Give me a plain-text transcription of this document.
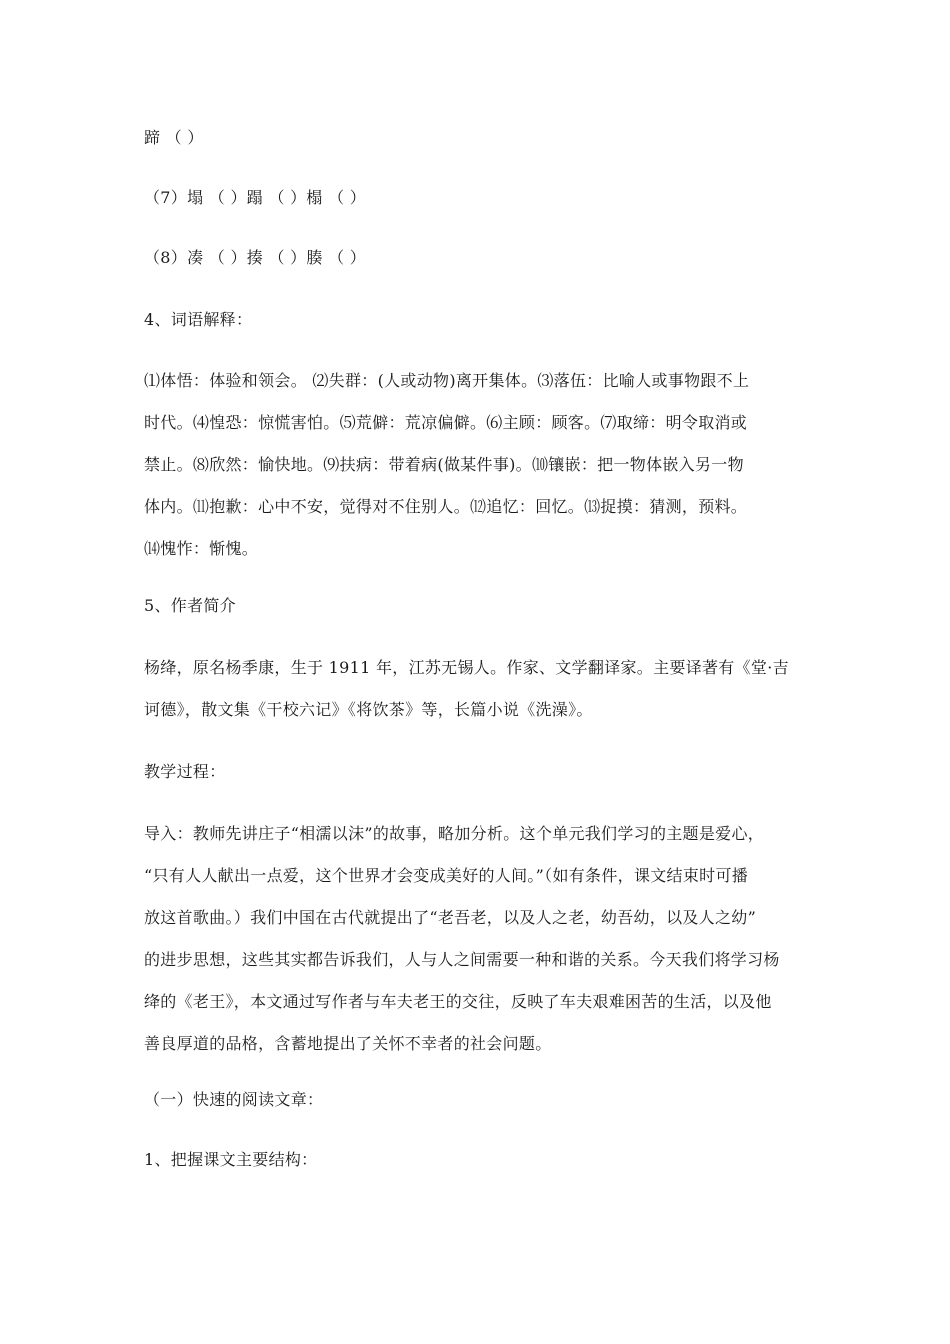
蹄 （ ）
（7）塌 （ ）蹋 （ ）榻 （ ）
（8）凑 （ ）揍 （ ）腠 （ ）
4、词语解释：
⑴体悟：体验和领会。 ⑵失群：(人或动物)离开集体。⑶落伍：比喻人或事物跟不上
时代。⑷惶恐：惊慌害怕。⑸荒僻：荒凉偏僻。⑹主顾：顾客。⑺取缔：明令取消或
禁止。⑻欣然：愉快地。⑼扶病：带着病(做某件事)。⑽镶嵌：把一物体嵌入另一物
体内。⑾抱歉：心中不安，觉得对不住别人。⑿追忆：回忆。⒀捉摸：猜测，预料。
⒁愧怍：惭愧。
5、作者简介
杨绛，原名杨季康，生于 1911 年，江苏无锡人。作家、文学翻译家。主要译著有《堂·吉
诃德》，散文集《干校六记》《将饮茶》等，长篇小说《洗澡》。
教学过程：
导入：教师先讲庄子“相濡以沫”的故事，略加分析。这个单元我们学习的主题是爱心，
“只有人人献出一点爱，这个世界才会变成美好的人间。”（如有条件，课文结束时可播
放这首歌曲。）我们中国在古代就提出了“老吾老，以及人之老，幼吾幼，以及人之幼”
的进步思想，这些其实都告诉我们，人与人之间需要一种和谐的关系。今天我们将学习杨
绛的《老王》，本文通过写作者与车夫老王的交往，反映了车夫艰难困苦的生活，以及他
善良厚道的品格，含蓄地提出了关怀不幸者的社会问题。
（一）快速的阅读文章：
1、把握课文主要结构：
